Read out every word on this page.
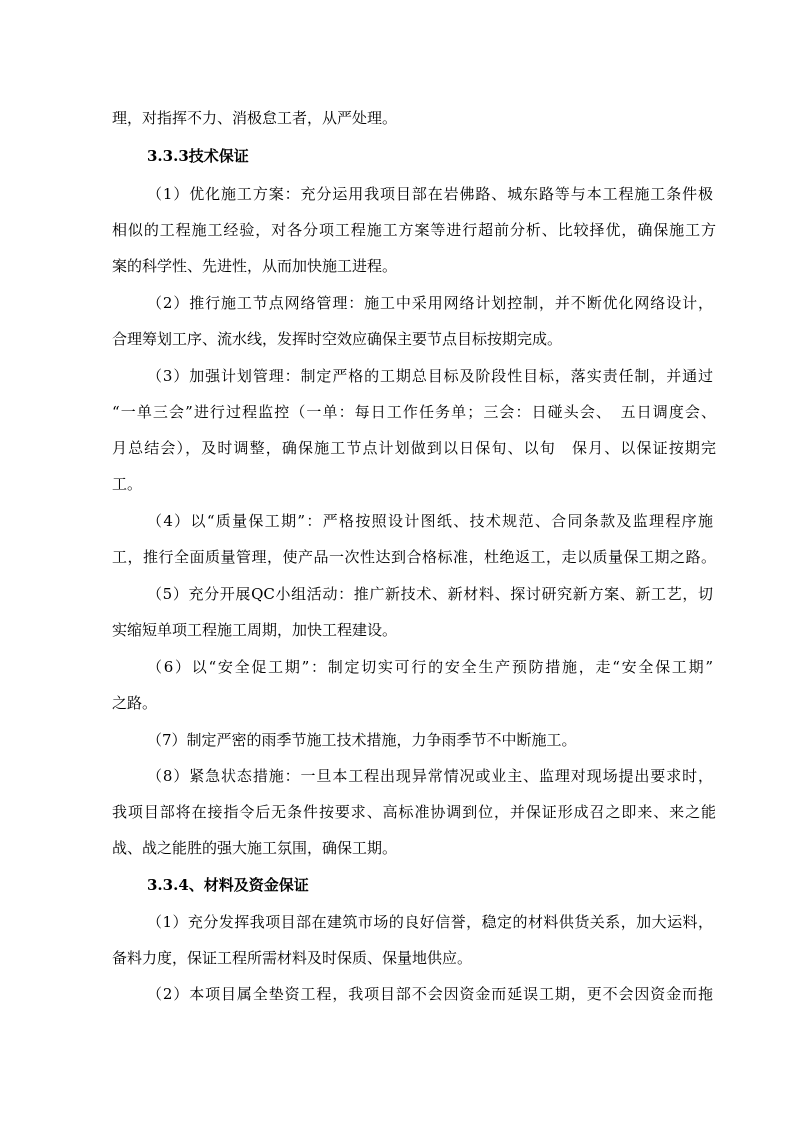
理，对指挥不力、消极怠工者，从严处理。
3.3.3技术保证
（1）优化施工方案：充分运用我项目部在岩佛路、城东路等与本工程施工条件极
相似的工程施工经验，对各分项工程施工方案等进行超前分析、比较择优，确保施工方
案的科学性、先进性，从而加快施工进程。
（2）推行施工节点网络管理：施工中采用网络计划控制，并不断优化网络设计，
合理筹划工序、流水线，发挥时空效应确保主要节点目标按期完成。
（3）加强计划管理：制定严格的工期总目标及阶段性目标，落实责任制，并通过
“一单三会”进行过程监控（一单：每日工作任务单；三会：日碰头会、　五日调度会、
月总结会），及时调整，确保施工节点计划做到以日保旬、以旬　保月、以保证按期完
工。
（4）以“质量保工期”：严格按照设计图纸、技术规范、合同条款及监理程序施
工，推行全面质量管理，使产品一次性达到合格标准，杜绝返工，走以质量保工期之路。
（5）充分开展QC小组活动：推广新技术、新材料、探讨研究新方案、新工艺，切
实缩短单项工程施工周期，加快工程建设。
（6）以“安全促工期”：制定切实可行的安全生产预防措施，走“安全保工期”
之路。
（7）制定严密的雨季节施工技术措施，力争雨季节不中断施工。
（8）紧急状态措施：一旦本工程出现异常情况或业主、监理对现场提出要求时，
我项目部将在接指令后无条件按要求、高标准协调到位，并保证形成召之即来、来之能
战、战之能胜的强大施工氛围，确保工期。
3.3.4、材料及资金保证
（1）充分发挥我项目部在建筑市场的良好信誉，稳定的材料供货关系，加大运料，
备料力度，保证工程所需材料及时保质、保量地供应。
（2）本项目属全垫资工程，我项目部不会因资金而延误工期，更不会因资金而拖
